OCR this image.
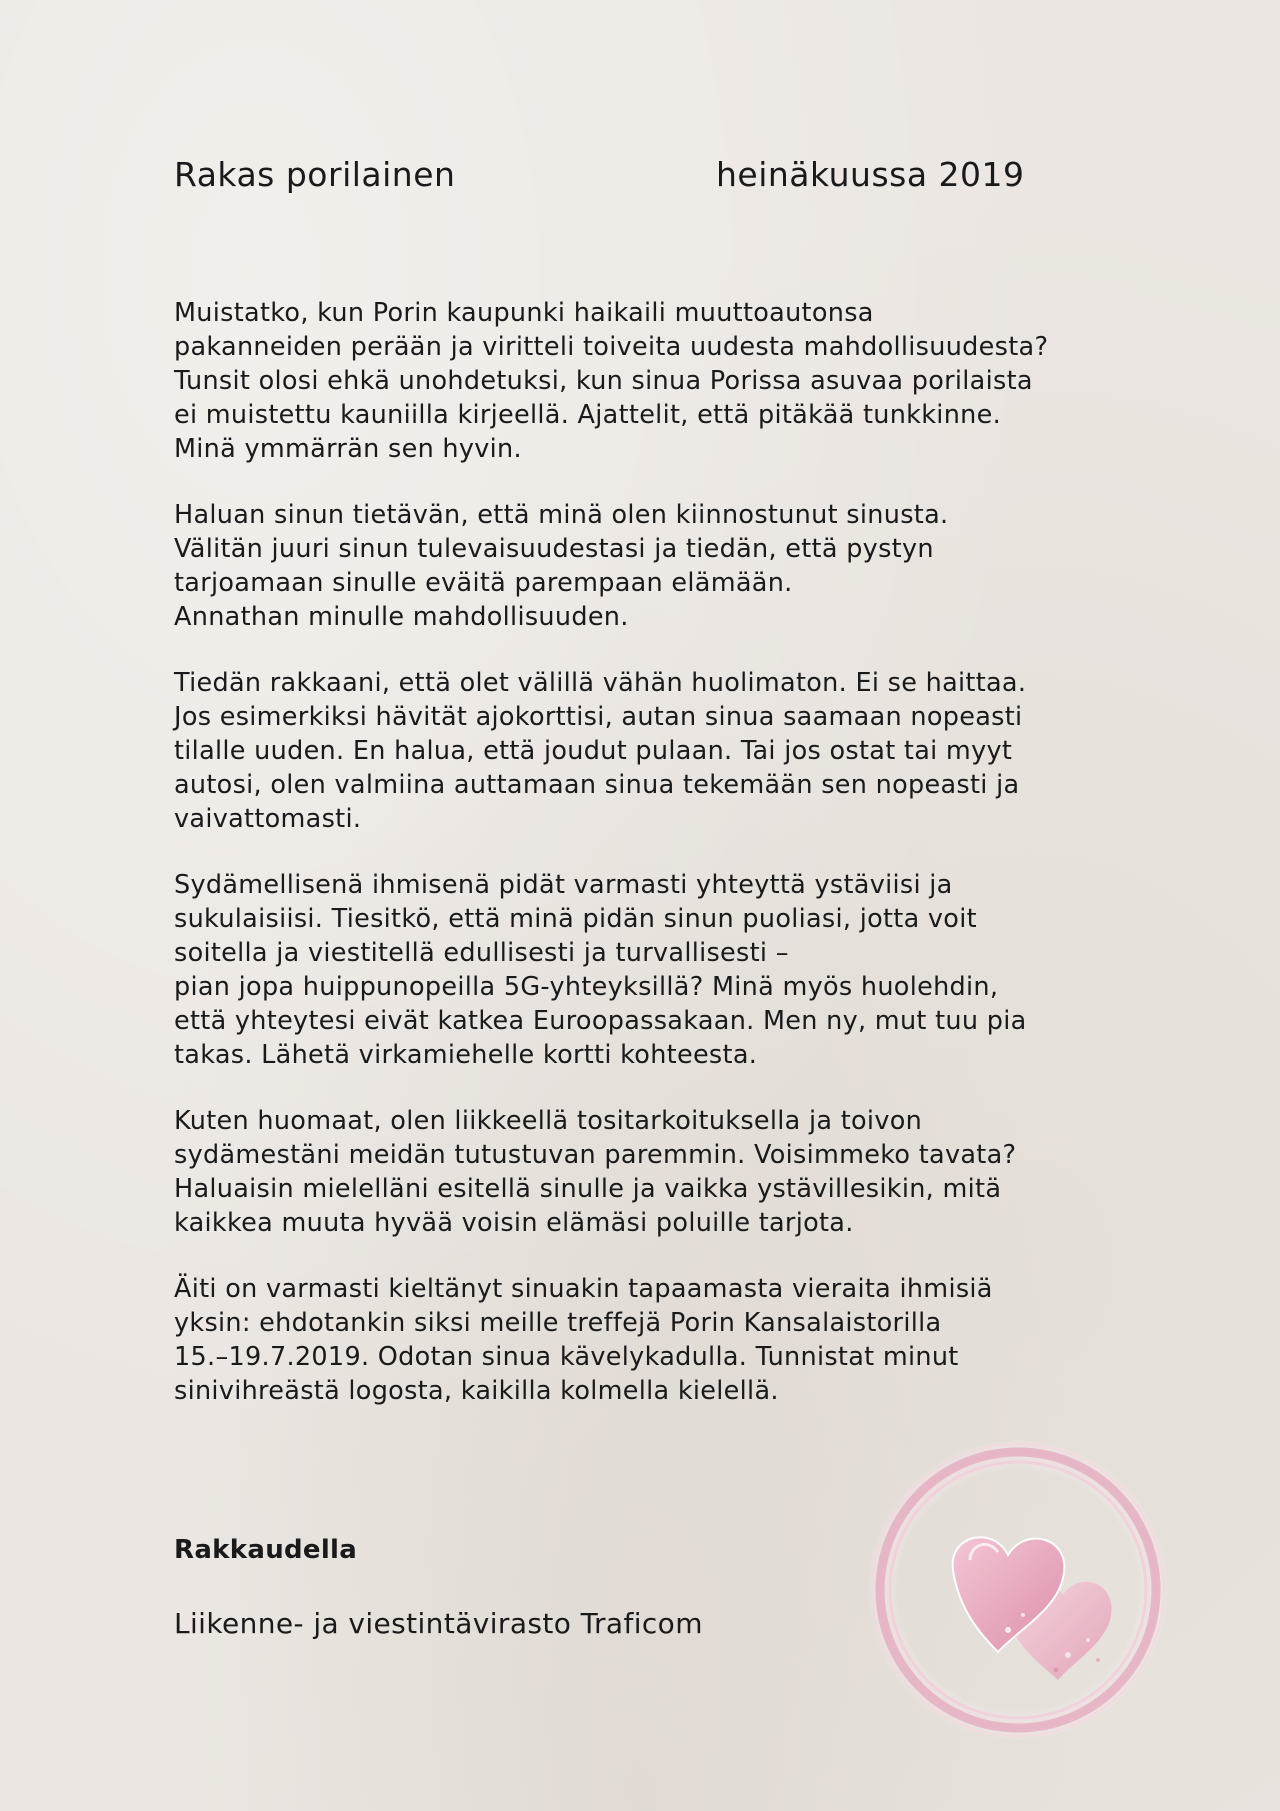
Rakas porilainen	heinäkuussa 2019
Muistatko, kun Porin kaupunki haikaili muuttoautonsa
pakanneiden perään ja viritteli toiveita uudesta mahdollisuudesta?
Tunsit olosi ehkä unohdetuksi, kun sinua Porissa asuvaa porilaista
ei muistettu kauniilla kirjeellä. Ajattelit, että pitäkää tunkkinne.
Minä ymmärrän sen hyvin.
Haluan sinun tietävän, että minä olen kiinnostunut sinusta.
Välitän juuri sinun tulevaisuudestasi ja tiedän, että pystyn
tarjoamaan sinulle eväitä parempaan elämään.
Annathan minulle mahdollisuuden.
Tiedän rakkaani, että olet välillä vähän huolimaton. Ei se haittaa.
Jos esimerkiksi hävität ajokorttisi, autan sinua saamaan nopeasti
tilalle uuden. En halua, että joudut pulaan. Tai jos ostat tai myyt
autosi, olen valmiina auttamaan sinua tekemään sen nopeasti ja
vaivattomasti.
Sydämellisenä ihmisenä pidät varmasti yhteyttä ystäviisi ja
sukulaisiisi. Tiesitkö, että minä pidän sinun puoliasi, jotta voit
soitella ja viestitellä edullisesti ja turvallisesti –
pian jopa huippunopeilla 5G-yhteyksillä? Minä myös huolehdin,
että yhteytesi eivät katkea Euroopassakaan. Men ny, mut tuu pia
takas. Lähetä virkamiehelle kortti kohteesta.
Kuten huomaat, olen liikkeellä tositarkoituksella ja toivon
sydämestäni meidän tutustuvan paremmin. Voisimmeko tavata?
Haluaisin mielelläni esitellä sinulle ja vaikka ystävillesikin, mitä
kaikkea muuta hyvää voisin elämäsi poluille tarjota.
Äiti on varmasti kieltänyt sinuakin tapaamasta vieraita ihmisiä
yksin: ehdotankin siksi meille treffejä Porin Kansalaistorilla
15.–19.7.2019. Odotan sinua kävelykadulla. Tunnistat minut
sinivihreästä logosta, kaikilla kolmella kielellä.
Rakkaudella
Liikenne- ja viestintävirasto Traficom
